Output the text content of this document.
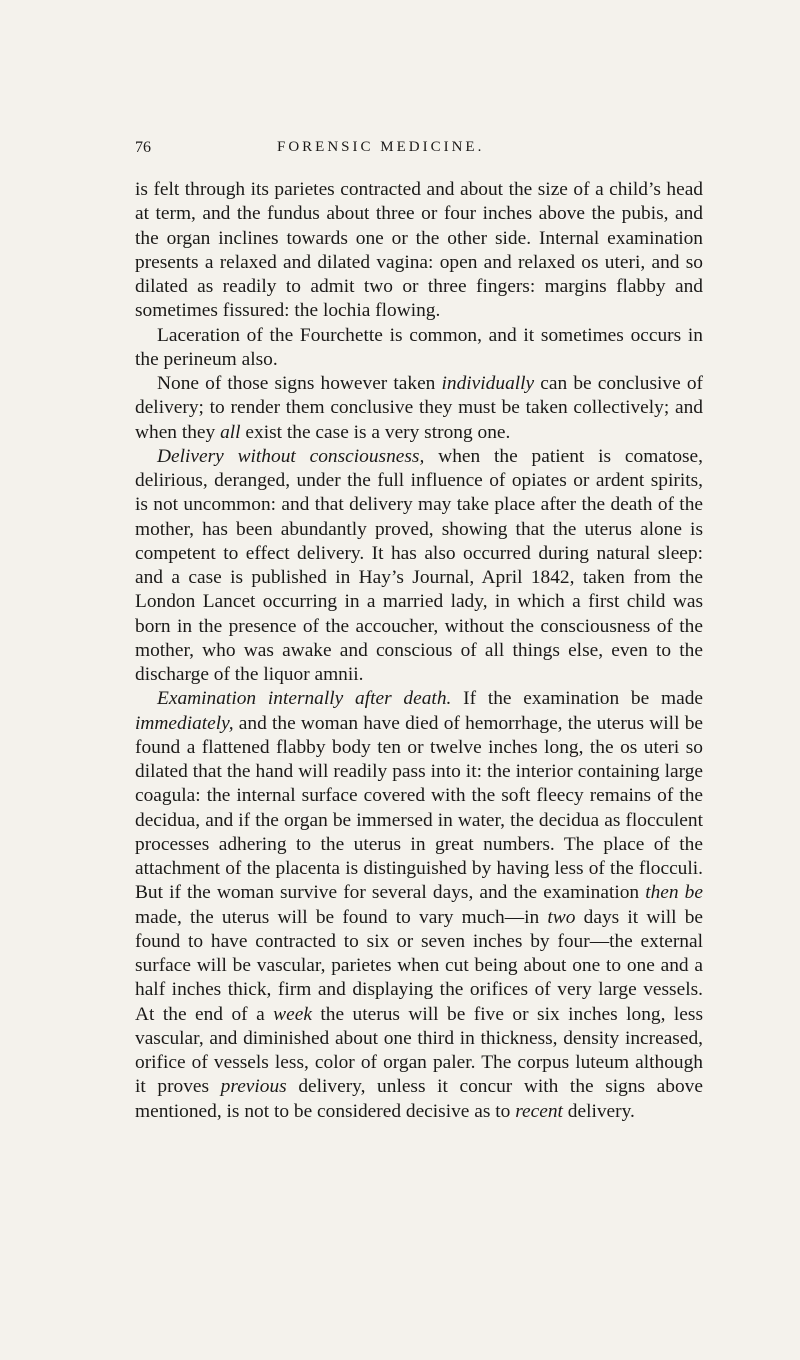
76	FORENSIC MEDICINE.

is felt through its parietes contracted and about the size of a child’s head at term, and the fundus about three or four inches above the pubis, and the organ inclines towards one or the other side. Internal examination presents a relaxed and dilated vagina: open and relaxed os uteri, and so dilated as readily to admit two or three fingers: margins flabby and sometimes fissured: the lochia flowing.

Laceration of the Fourchette is common, and it sometimes occurs in the perineum also.

None of those signs however taken individually can be conclusive of delivery; to render them conclusive they must be taken collectively; and when they all exist the case is a very strong one.

Delivery without consciousness, when the patient is comatose, delirious, deranged, under the full influence of opiates or ardent spirits, is not uncommon: and that delivery may take place after the death of the mother, has been abundantly proved, showing that the uterus alone is competent to effect delivery. It has also occurred during natural sleep: and a case is published in Hay’s Journal, April 1842, taken from the London Lancet occurring in a married lady, in which a first child was born in the presence of the accoucher, without the consciousness of the mother, who was awake and conscious of all things else, even to the discharge of the liquor amnii.

Examination internally after death. If the examination be made immediately, and the woman have died of hemorrhage, the uterus will be found a flattened flabby body ten or twelve inches long, the os uteri so dilated that the hand will readily pass into it: the interior containing large coagula: the internal surface covered with the soft fleecy remains of the decidua, and if the organ be immersed in water, the decidua as flocculent processes adhering to the uterus in great numbers. The place of the attachment of the placenta is distinguished by having less of the flocculi. But if the woman survive for several days, and the examination then be made, the uterus will be found to vary much—in two days it will be found to have contracted to six or seven inches by four—the external surface will be vascular, parietes when cut being about one to one and a half inches thick, firm and displaying the orifices of very large vessels. At the end of a week the uterus will be five or six inches long, less vascular, and diminished about one third in thickness, density increased, orifice of vessels less, color of organ paler. The corpus luteum although it proves previous delivery, unless it concur with the signs above mentioned, is not to be considered decisive as to recent delivery.
